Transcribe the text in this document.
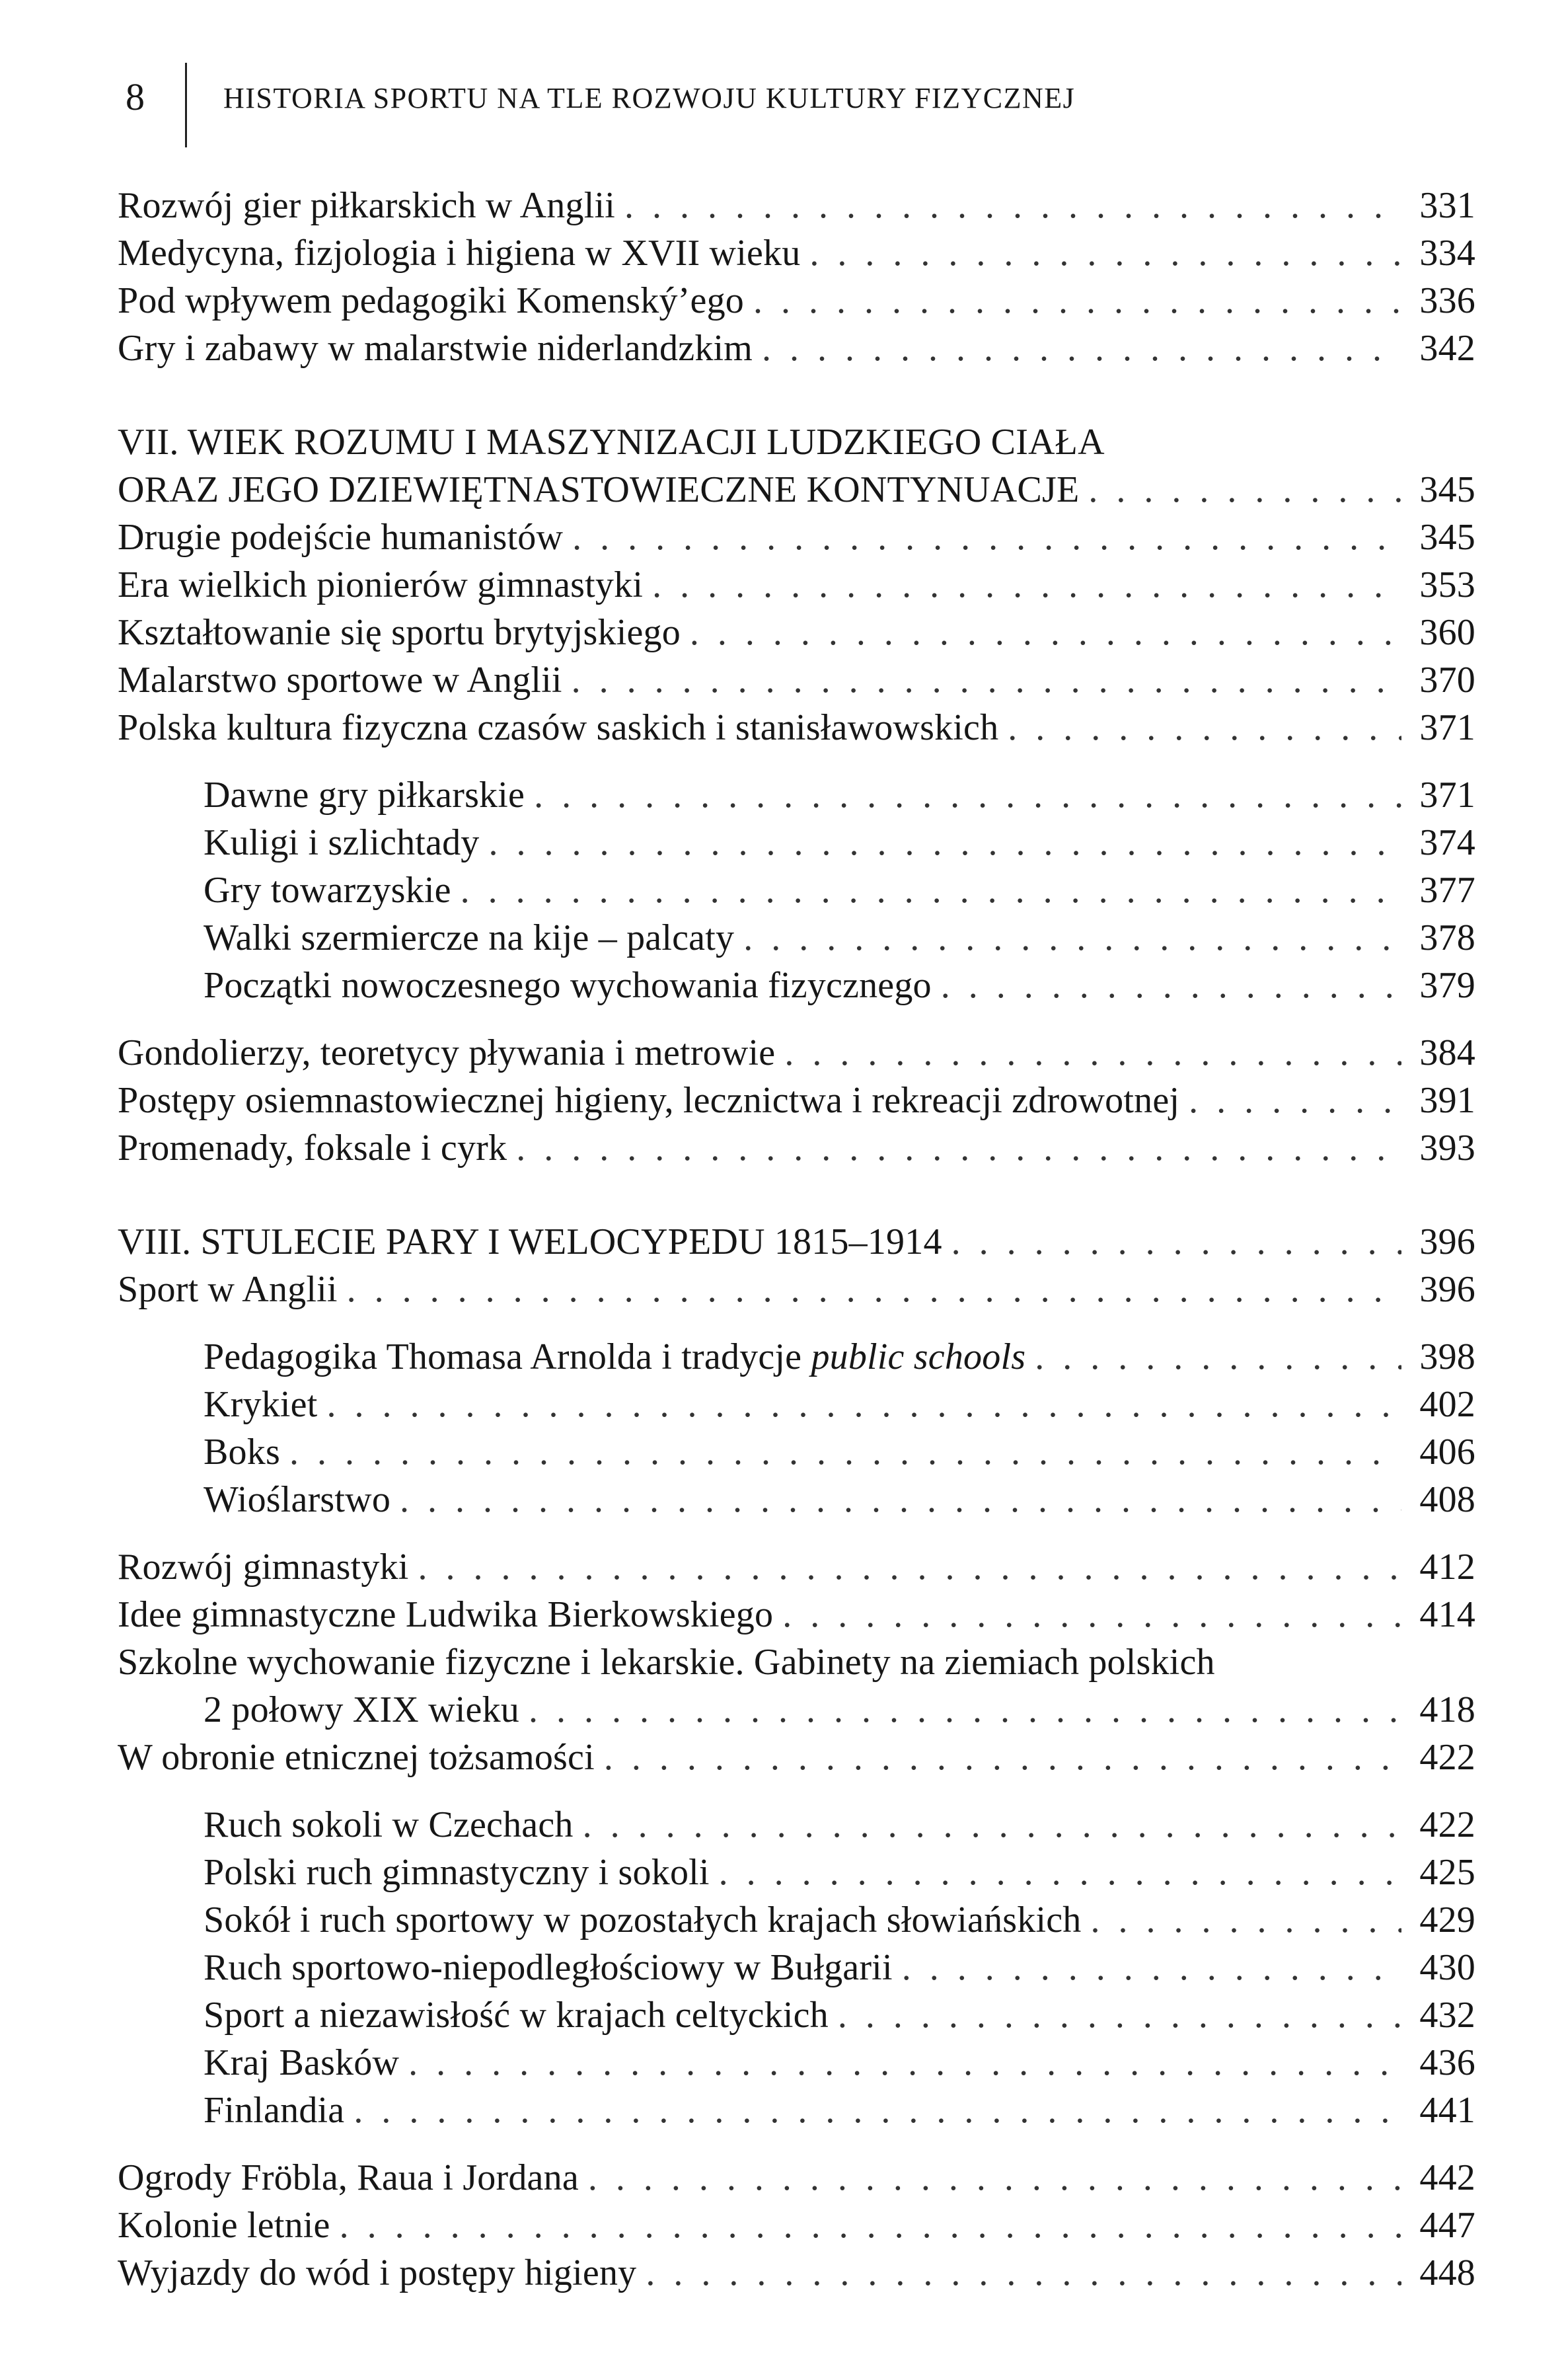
8	HISTORIA SPORTU NA TLE ROZWOJU KULTURY FIZYCZNEJ
Rozwój gier piłkarskich w Anglii . . .	331
Medycyna, fizjologia i higiena w XVII wieku . . .	334
Pod wpływem pedagogiki Komenský’ego . . .	336
Gry i zabawy w malarstwie niderlandzkim . . .	342
VII. WIEK ROZUMU I MASZYNIZACJI LUDZKIEGO CIAŁA
ORAZ JEGO DZIEWIĘTNASTOWIECZNE KONTYNUACJE . . .	345
Drugie podejście humanistów . . .	345
Era wielkich pionierów gimnastyki . . .	353
Kształtowanie się sportu brytyjskiego . . .	360
Malarstwo sportowe w Anglii . . .	370
Polska kultura fizyczna czasów saskich i stanisławowskich . . .	371
Dawne gry piłkarskie . . .	371
Kuligi i szlichtady . . .	374
Gry towarzyskie . . .	377
Walki szermiercze na kije – palcaty . . .	378
Początki nowoczesnego wychowania fizycznego . . .	379
Gondolierzy, teoretycy pływania i metrowie . . .	384
Postępy osiemnastowiecznej higieny, lecznictwa i rekreacji zdrowotnej . . .	391
Promenady, foksale i cyrk . . .	393
VIII. STULECIE PARY I WELOCYPEDU 1815–1914 . . .	396
Sport w Anglii . . .	396
Pedagogika Thomasa Arnolda i tradycje public schools . . .	398
Krykiet . . .	402
Boks . . .	406
Wioślarstwo . . .	408
Rozwój gimnastyki . . .	412
Idee gimnastyczne Ludwika Bierkowskiego . . .	414
Szkolne wychowanie fizyczne i lekarskie. Gabinety na ziemiach polskich
2 połowy XIX wieku . . .	418
W obronie etnicznej tożsamości . . .	422
Ruch sokoli w Czechach . . .	422
Polski ruch gimnastyczny i sokoli . . .	425
Sokół i ruch sportowy w pozostałych krajach słowiańskich . . .	429
Ruch sportowo-niepodległościowy w Bułgarii . . .	430
Sport a niezawisłość w krajach celtyckich . . .	432
Kraj Basków . . .	436
Finlandia . . .	441
Ogrody Fröbla, Raua i Jordana . . .	442
Kolonie letnie . . .	447
Wyjazdy do wód i postępy higieny . . .	448
